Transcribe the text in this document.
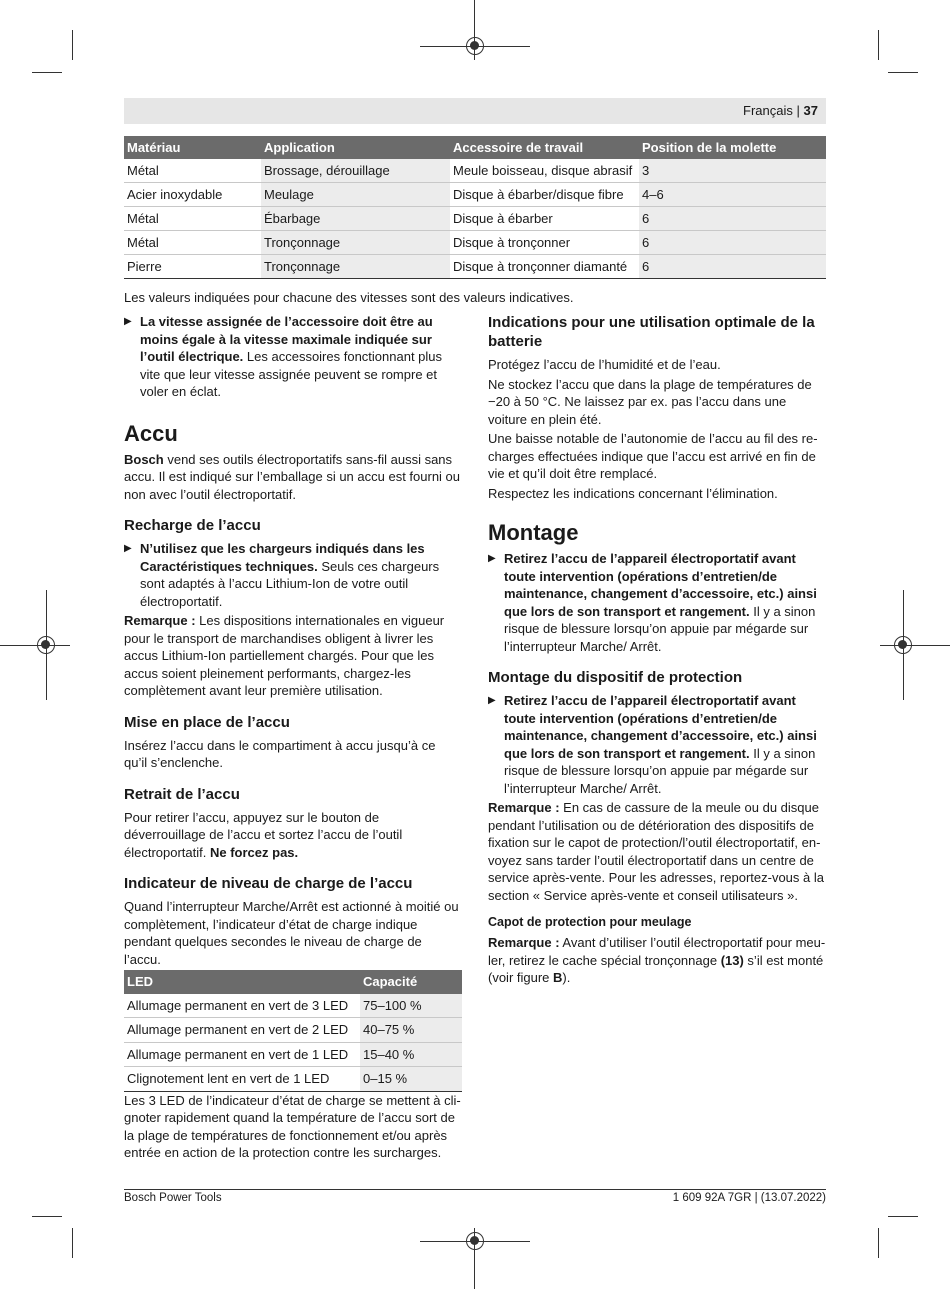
Français | 37
Matériau	Application	Accessoire de travail	Position de la molette
Métal	Brossage, dérouillage	Meule boisseau, disque abrasif	3
Acier inoxydable	Meulage	Disque à ébarber/disque fibre	4–6
Métal	Ébarbage	Disque à ébarber	6
Métal	Tronçonnage	Disque à tronçonner	6
Pierre	Tronçonnage	Disque à tronçonner diamanté	6
Les valeurs indiquées pour chacune des vitesses sont des valeurs indicatives.
▶ La vitesse assignée de l’accessoire doit être au moins égale à la vitesse maximale indiquée sur l’outil électrique. Les accessoires fonctionnant plus vite que leur vitesse assignée peuvent se rompre et voler en éclat.
Accu

Bosch vend ses outils électroportatifs sans-fil aussi sans accu. Il est indiqué sur l’emballage si un accu est fourni ou non avec l’outil électroportatif.

Recharge de l’accu
▶ N’utilisez que les chargeurs indiqués dans les Caractéristiques techniques. Seuls ces chargeurs sont adaptés à l’accu Lithium-Ion de votre outil électroportatif.

Remarque : Les dispositions internationales en vigueur pour le transport de marchandises obligent à livrer les accus Lithium-Ion partiellement chargés. Pour que les accus soient pleinement performants, chargez-les complètement avant leur première utilisation.

Mise en place de l’accu

Insérez l’accu dans le compartiment à accu jusqu’à ce qu’il s’enclenche.

Retrait de l’accu

Pour retirer l’accu, appuyez sur le bouton de déverrouillage de l’accu et sortez l’accu de l’outil électroportatif. Ne forcez pas.

Indicateur de niveau de charge de l’accu

Quand l’interrupteur Marche/Arrêt est actionné à moitié ou complètement, l’indicateur d’état de charge indique pendant quelques secondes le niveau de charge de l’accu.

LED	Capacité
Allumage permanent en vert de 3 LED	75–100 %
Allumage permanent en vert de 2 LED	40–75 %
Allumage permanent en vert de 1 LED	15–40 %
Clignotement lent en vert de 1 LED	0–15 %

Les 3 LED de l’indicateur d’état de charge se mettent à clignoter rapidement quand la température de l’accu sort de la plage de températures de fonctionnement et/ou après entrée en action de la protection contre les surcharges.

Indications pour une utilisation optimale de la batterie

Protégez l’accu de l’humidité et de l’eau.

Ne stockez l’accu que dans la plage de températures de −20 à 50 °C. Ne laissez par ex. pas l’accu dans une voiture en plein été.

Une baisse notable de l’autonomie de l’accu au fil des recharges effectuées indique que l’accu est arrivé en fin de vie et qu’il doit être remplacé.

Respectez les indications concernant l’élimination.

Montage
▶ Retirez l’accu de l’appareil électroportatif avant toute intervention (opérations d’entretien/de maintenance, changement d’accessoire, etc.) ainsi que lors de son transport et rangement. Il y a sinon risque de blessure lorsqu’on appuie par mégarde sur l’interrupteur Marche/ Arrêt.
Montage du dispositif de protection
▶ Retirez l’accu de l’appareil électroportatif avant toute intervention (opérations d’entretien/de maintenance, changement d’accessoire, etc.) ainsi que lors de son transport et rangement. Il y a sinon risque de blessure lorsqu’on appuie par mégarde sur l’interrupteur Marche/ Arrêt.

Remarque : En cas de cassure de la meule ou du disque pendant l’utilisation ou de détérioration des dispositifs de fixation sur le capot de protection/l’outil électroportatif, envoyez sans tarder l’outil électroportatif dans un centre de service après-vente. Pour les adresses, reportez-vous à la section « Service après-vente et conseil utilisateurs ».

Capot de protection pour meulage

Remarque : Avant d’utiliser l’outil électroportatif pour meuler, retirez le cache spécial tronçonnage (13) s’il est monté (voir figure B).

Bosch Power Tools	1 609 92A 7GR | (13.07.2022)
